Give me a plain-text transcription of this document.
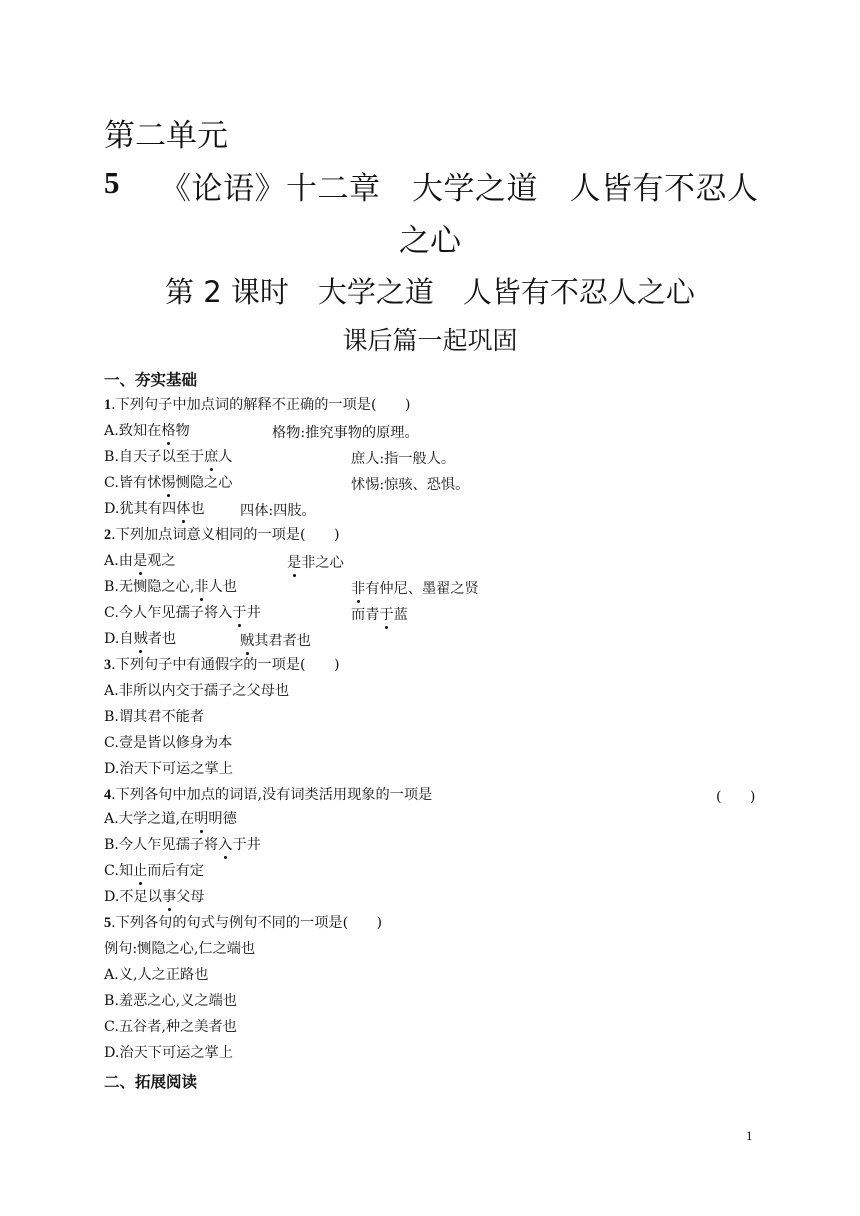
第二单元
5 《论语》十二章　大学之道　人皆有不忍人
之心
第 2 课时　大学之道　人皆有不忍人之心
课后篇一起巩固
一、夯实基础
1.下列句子中加点词的解释不正确的一项是(　　)
A.致知在格物	格物:推究事物的原理。
B.自天子以至于庶人	庶人:指一般人。
C.皆有怵惕恻隐之心	怵惕:惊骇、恐惧。
D.犹其有四体也 四体:四肢。
2.下列加点词意义相同的一项是(　　)
A.由是观之	是非之心
B.无恻隐之心,非人也	非有仲尼、墨翟之贤
C.今人乍见孺子将入于井	而青于蓝
D.自贼者也	贼其君者也
3.下列句子中有通假字的一项是(　　)
A.非所以内交于孺子之父母也
B.谓其君不能者
C.壹是皆以修身为本
D.治天下可运之掌上
4.下列各句中加点的词语,没有词类活用现象的一项是	(　　)
A.大学之道,在明明德
B.今人乍见孺子将入于井
C.知止而后有定
D.不足以事父母
5.下列各句的句式与例句不同的一项是(　　)
例句:恻隐之心,仁之端也
A.义,人之正路也
B.羞恶之心,义之端也
C.五谷者,种之美者也
D.治天下可运之掌上
二、拓展阅读
1
